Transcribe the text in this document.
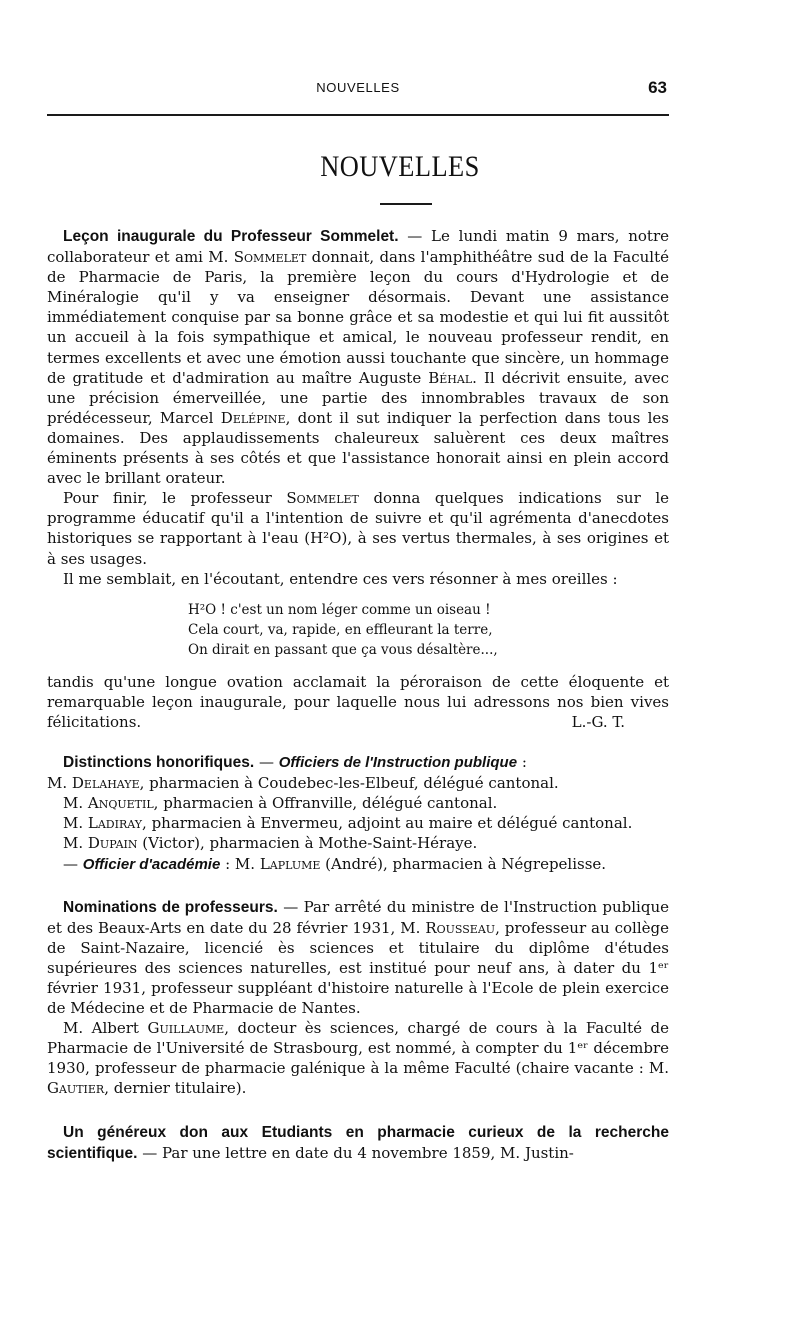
NOUVELLES	63
NOUVELLES

Leçon inaugurale du Professeur Sommelet. — Le lundi matin 9 mars, notre collaborateur et ami M. Sommelet donnait, dans l'amphithéâtre sud de la Faculté de Pharmacie de Paris, la première leçon du cours d'Hydrologie et de Minéralogie qu'il y va enseigner désormais. Devant une assistance immédiatement conquise par sa bonne grâce et sa modestie et qui lui fit aussitôt un accueil à la fois sympathique et amical, le nouveau professeur rendit, en termes excellents et avec une émotion aussi touchante que sincère, un hommage de gratitude et d'admiration au maître Auguste Béhal. Il décrivit ensuite, avec une précision émerveillée, une partie des innombrables travaux de son prédécesseur, Marcel Delépine, dont il sut indiquer la perfection dans tous les domaines. Des applaudissements chaleureux saluèrent ces deux maîtres éminents présents à ses côtés et que l'assistance honorait ainsi en plein accord avec le brillant orateur.

Pour finir, le professeur Sommelet donna quelques indications sur le programme éducatif qu'il a l'intention de suivre et qu'il agrémenta d'anecdotes historiques se rapportant à l'eau (H²O), à ses vertus thermales, à ses origines et à ses usages.

Il me semblait, en l'écoutant, entendre ces vers résonner à mes oreilles :

H²O ! c'est un nom léger comme un oiseau !
Cela court, va, rapide, en effleurant la terre,
On dirait en passant que ça vous désaltère...,

tandis qu'une longue ovation acclamait la péroraison de cette éloquente et remarquable leçon inaugurale, pour laquelle nous lui adressons nos bien vives félicitations.	L.-G. T.

Distinctions honorifiques. — Officiers de l'Instruction publique :

M. Delahaye, pharmacien à Coudebec-les-Elbeuf, délégué cantonal.
M. Anquetil, pharmacien à Offranville, délégué cantonal.
M. Ladiray, pharmacien à Envermeu, adjoint au maire et délégué cantonal.
M. Dupain (Victor), pharmacien à Mothe-Saint-Héraye.
— Officier d'académie : M. Laplume (André), pharmacien à Négrepelisse.

Nominations de professeurs. — Par arrêté du ministre de l'Instruction publique et des Beaux-Arts en date du 28 février 1931, M. Rousseau, professeur au collège de Saint-Nazaire, licencié ès sciences et titulaire du diplôme d'études supérieures des sciences naturelles, est institué pour neuf ans, à dater du 1ᵉʳ février 1931, professeur suppléant d'histoire naturelle à l'Ecole de plein exercice de Médecine et de Pharmacie de Nantes.

M. Albert Guillaume, docteur ès sciences, chargé de cours à la Faculté de Pharmacie de l'Université de Strasbourg, est nommé, à compter du 1ᵉʳ décembre 1930, professeur de pharmacie galénique à la même Faculté (chaire vacante : M. Gautier, dernier titulaire).

Un généreux don aux Etudiants en pharmacie curieux de la recherche scientifique. — Par une lettre en date du 4 novembre 1859, M. Justin-
